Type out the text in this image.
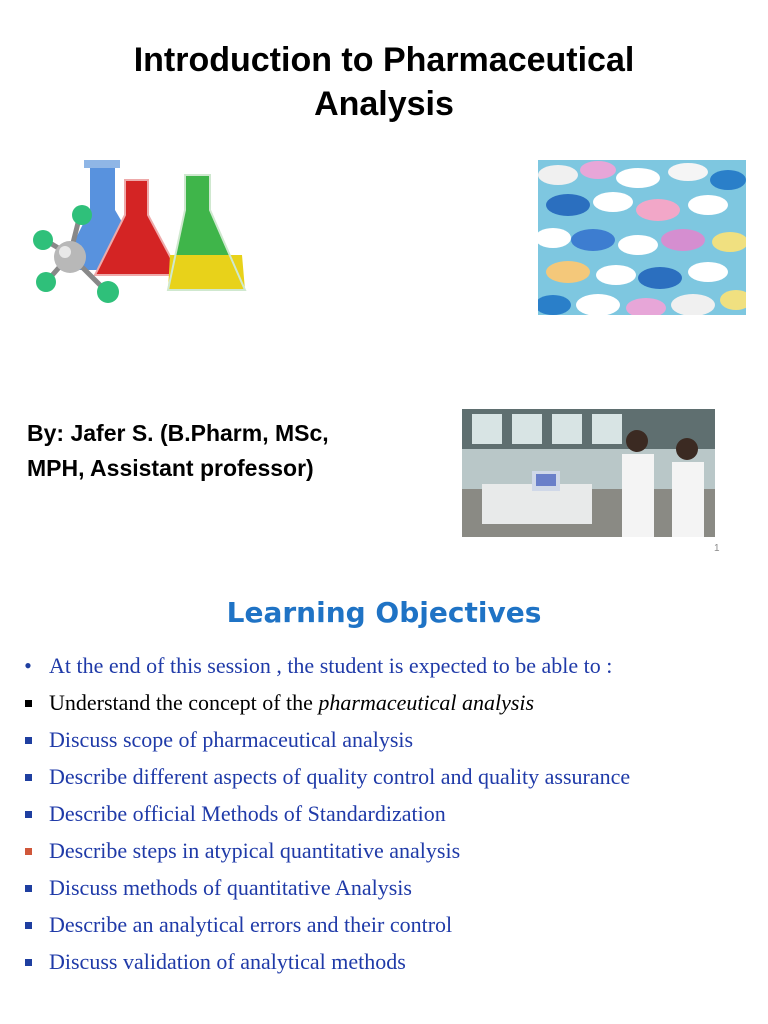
Introduction to Pharmaceutical
Analysis
By: Jafer S. (B.Pharm, MSc,
MPH, Assistant professor)
1
Learning Objectives
• At the end of this session , the student is expected to be able to :
Understand the concept of the pharmaceutical analysis
Discuss scope of pharmaceutical analysis
Describe different aspects of quality control and quality assurance
Describe official Methods of Standardization
Describe steps in atypical quantitative analysis
Discuss methods of quantitative Analysis
Describe an analytical errors and their control
Discuss validation of analytical methods
